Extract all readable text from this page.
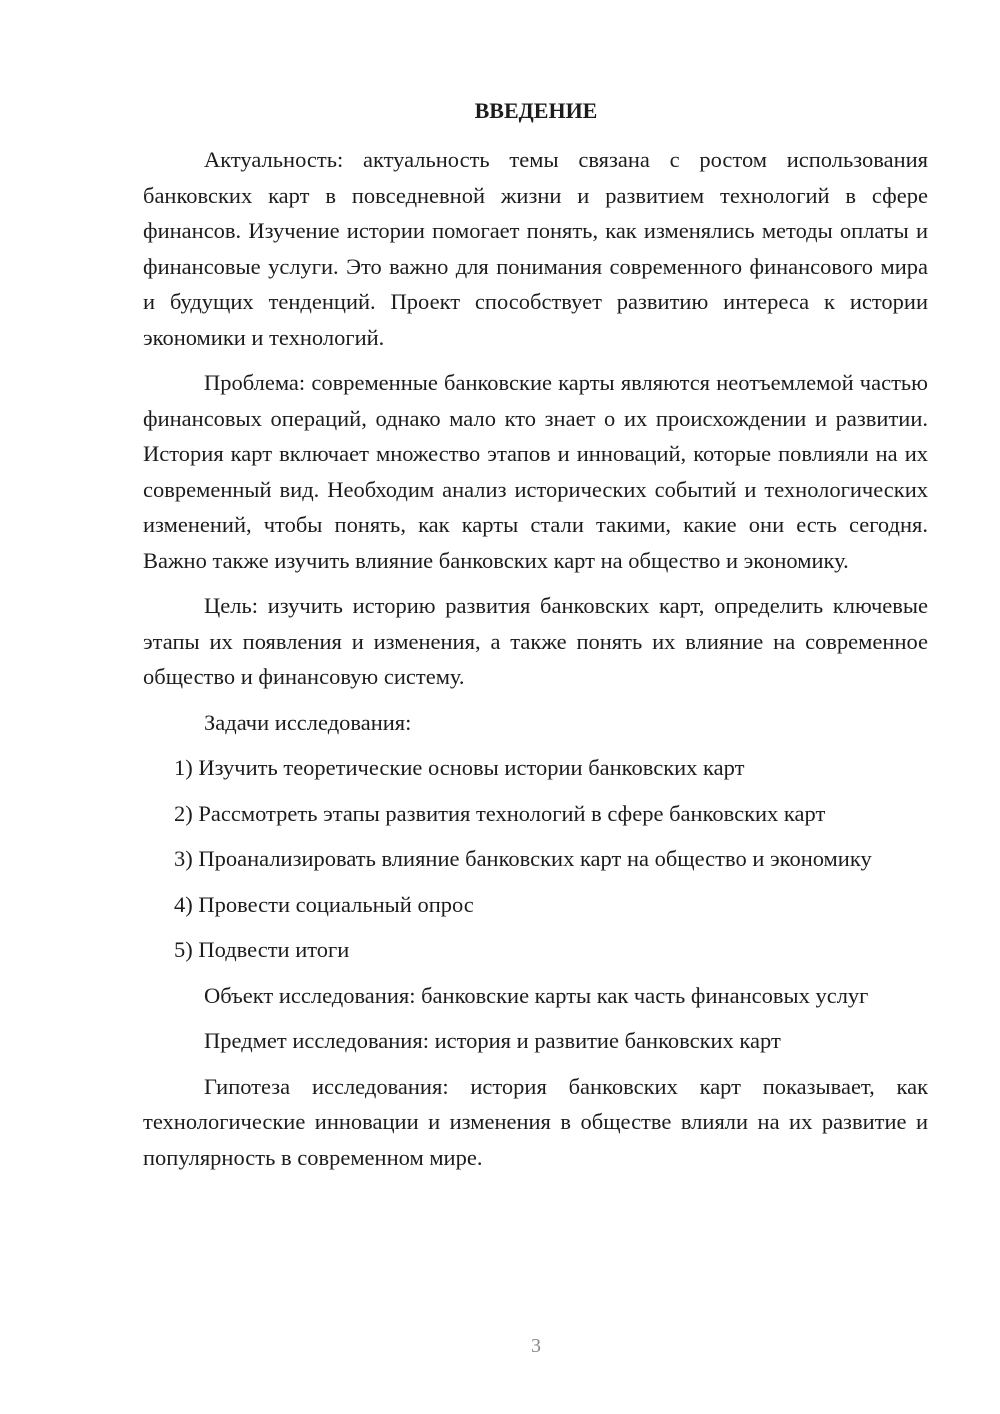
ВВЕДЕНИЕ

Актуальность: актуальность темы связана с ростом использования банковских карт в повседневной жизни и развитием технологий в сфере финансов. Изучение истории помогает понять, как изменялись методы оплаты и финансовые услуги. Это важно для понимания современного финансового мира и будущих тенденций. Проект способствует развитию интереса к истории экономики и технологий.

Проблема: современные банковские карты являются неотъемлемой частью финансовых операций, однако мало кто знает о их происхождении и развитии. История карт включает множество этапов и инноваций, которые повлияли на их современный вид. Необходим анализ исторических событий и технологических изменений, чтобы понять, как карты стали такими, какие они есть сегодня. Важно также изучить влияние банковских карт на общество и экономику.

Цель: изучить историю развития банковских карт, определить ключевые этапы их появления и изменения, а также понять их влияние на современное общество и финансовую систему.

Задачи исследования:

1) Изучить теоретические основы истории банковских карт

2) Рассмотреть этапы развития технологий в сфере банковских карт

3) Проанализировать влияние банковских карт на общество и экономику

4) Провести социальный опрос

5) Подвести итоги

Объект исследования: банковские карты как часть финансовых услуг

Предмет исследования: история и развитие банковских карт

Гипотеза исследования: история банковских карт показывает, как технологические инновации и изменения в обществе влияли на их развитие и популярность в современном мире.

3
